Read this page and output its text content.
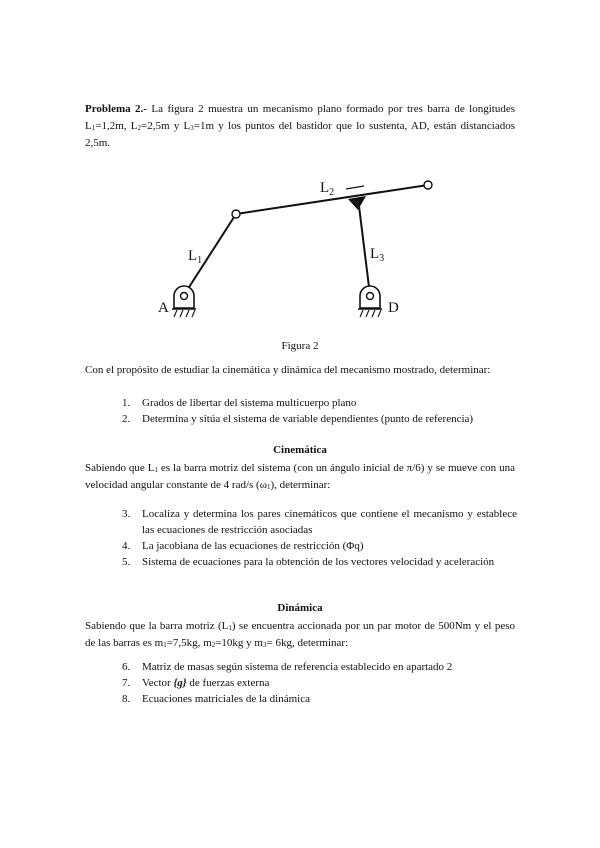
Problema 2.- La figura 2 muestra un mecanismo plano formado por tres barra de longitudes $L_1=1,2m$, $L_2=2,5m$ y $L_3=1m$ y los puntos del bastidor que lo sustenta, AD, están distanciados 2,5m.

A	D
$L_1$
$L_2$
$L_3$
Figura 2

Con el propósito de estudiar la cinemática y dinámica del mecanismo mostrado, determinar:

1. Grados de libertar del sistema multicuerpo plano
2. Determina y sitúa el sistema de variable dependientes (punto de referencia)
Cinemática

Sabiendo que $L_1$ es la barra motriz del sistema (con un ángulo inicial de π/6) y se mueve con una velocidad angular constante de 4 rad/s $(\omega_1)$, determinar:

3. Localiza y determina los pares cinemáticos que contiene el mecanismo y establece las ecuaciones de restricción asociadas
4. La jacobiana de las ecuaciones de restricción (Φq)
5. Sistema de ecuaciones para la obtención de los vectores velocidad y aceleración
Dinámica

Sabiendo que la barra motriz $(L_1)$ se encuentra accionada por un par motor de 500Nm y el peso de las barras es $m_1=7,5kg$, $m_2=10kg$ y $m_3= 6kg$, determinar:

6. Matriz de masas según sistema de referencia establecido en apartado 2
7. Vector {g} de fuerzas externa
8. Ecuaciones matriciales de la dinámica
